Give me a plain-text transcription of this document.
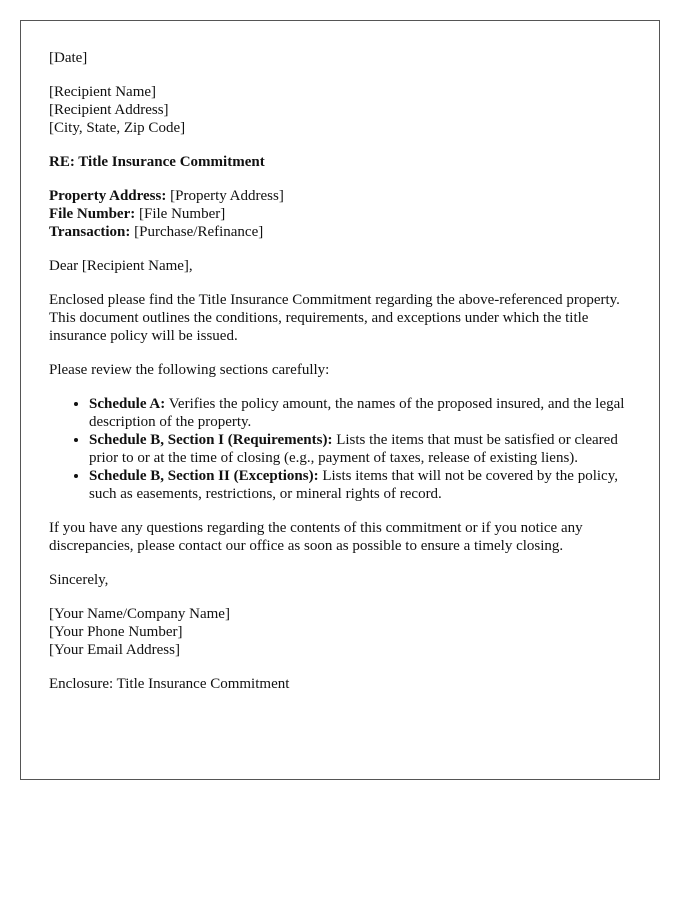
[Date]
[Recipient Name]
[Recipient Address]
[City, State, Zip Code]
RE: Title Insurance Commitment
Property Address: [Property Address]
File Number: [File Number]
Transaction: [Purchase/Refinance]
Dear [Recipient Name],
Enclosed please find the Title Insurance Commitment regarding the above-referenced property. This document outlines the conditions, requirements, and exceptions under which the title insurance policy will be issued.
Please review the following sections carefully:
• Schedule A: Verifies the policy amount, the names of the proposed insured, and the legal description of the property.
• Schedule B, Section I (Requirements): Lists the items that must be satisfied or cleared prior to or at the time of closing (e.g., payment of taxes, release of existing liens).
• Schedule B, Section II (Exceptions): Lists items that will not be covered by the policy, such as easements, restrictions, or mineral rights of record.
If you have any questions regarding the contents of this commitment or if you notice any discrepancies, please contact our office as soon as possible to ensure a timely closing.
Sincerely,
[Your Name/Company Name]
[Your Phone Number]
[Your Email Address]
Enclosure: Title Insurance Commitment
